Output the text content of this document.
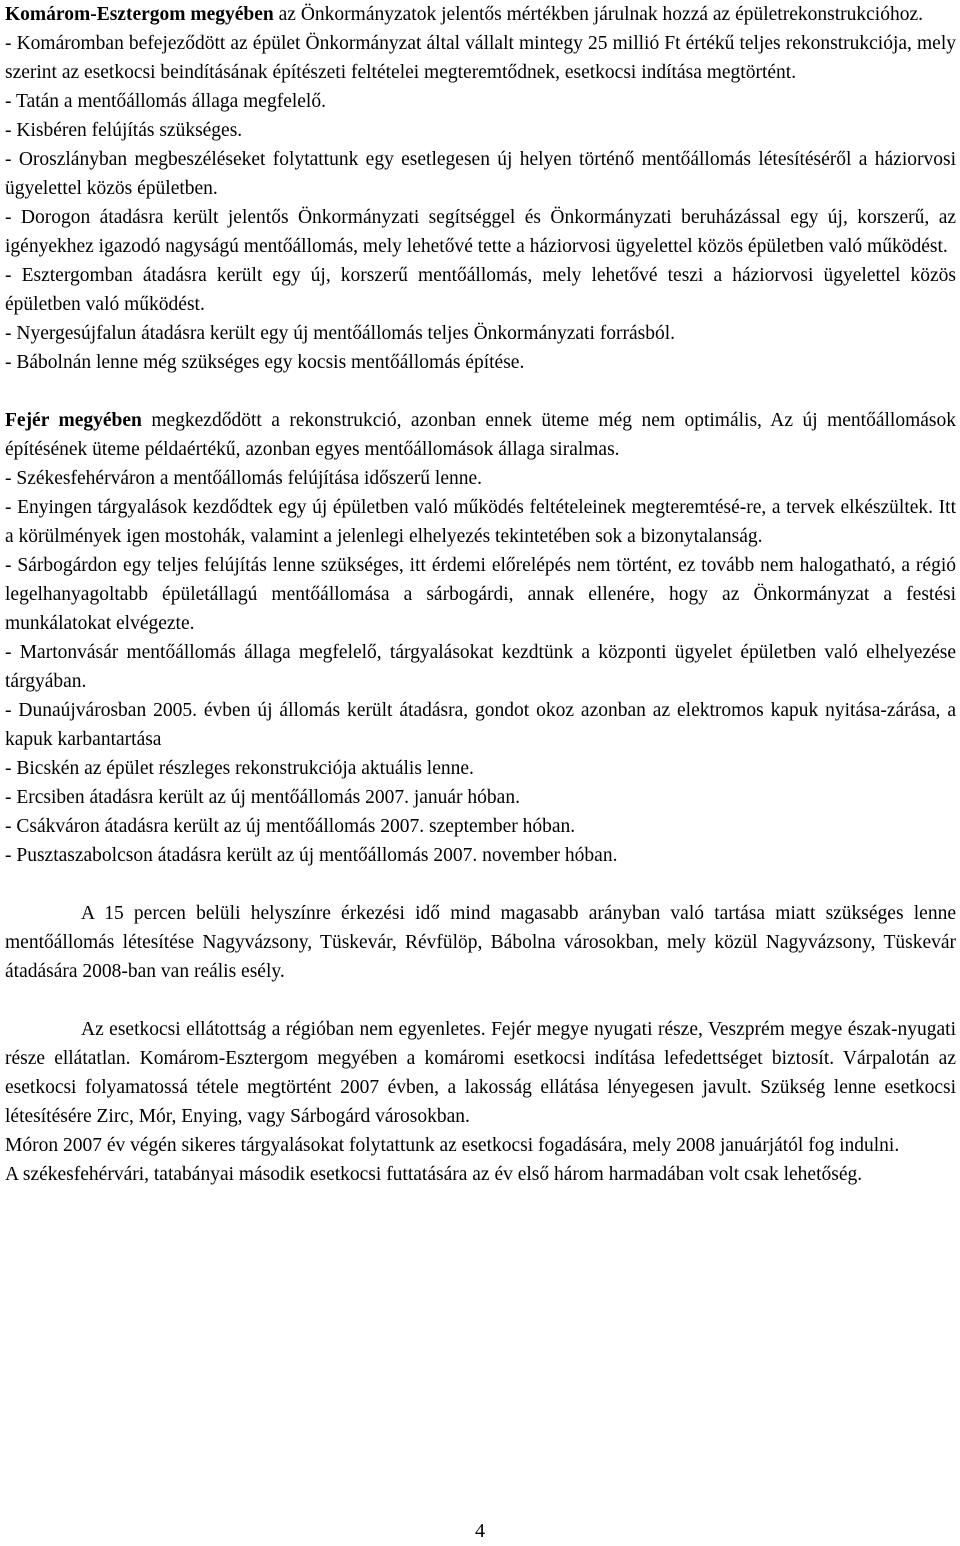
Komárom-Esztergom megyében az Önkormányzatok jelentős mértékben járulnak hozzá az épületrekonstrukcióhoz.

- Komáromban befejeződött az épület Önkormányzat által vállalt mintegy 25 millió Ft értékű teljes rekonstrukciója, mely szerint az esetkocsi beindításának építészeti feltételei megteremtődnek, esetkocsi indítása megtörtént.

- Tatán a mentőállomás állaga megfelelő.

- Kisbéren felújítás szükséges.

- Oroszlányban megbeszéléseket folytattunk egy esetlegesen új helyen történő mentőállomás létesítéséről a háziorvosi ügyelettel közös épületben.

- Dorogon átadásra került jelentős Önkormányzati segítséggel és Önkormányzati beruházással egy új, korszerű, az igényekhez igazodó nagyságú mentőállomás, mely lehetővé tette a háziorvosi ügyelettel közös épületben való működést.

- Esztergomban átadásra került egy új, korszerű mentőállomás, mely lehetővé teszi a háziorvosi ügyelettel közös épületben való működést.

- Nyergesújfalun átadásra került egy új mentőállomás teljes Önkormányzati forrásból.

- Bábolnán lenne még szükséges egy kocsis mentőállomás építése.

Fejér megyében megkezdődött a rekonstrukció, azonban ennek üteme még nem optimális, Az új mentőállomások építésének üteme példaértékű, azonban egyes mentőállomások állaga siralmas.

- Székesfehérváron a mentőállomás felújítása időszerű lenne.

- Enyingen tárgyalások kezdődtek egy új épületben való működés feltételeinek megteremtésé-re, a tervek elkészültek. Itt a körülmények igen mostohák, valamint a jelenlegi elhelyezés tekintetében sok a bizonytalanság.

- Sárbogárdon egy teljes felújítás lenne szükséges, itt érdemi előrelépés nem történt, ez tovább nem halogatható, a régió legelhanyagoltabb épületállagú mentőállomása a sárbogárdi, annak ellenére, hogy az Önkormányzat a festési munkálatokat elvégezte.

- Martonvásár mentőállomás állaga megfelelő, tárgyalásokat kezdtünk a központi ügyelet épületben való elhelyezése tárgyában.

- Dunaújvárosban 2005. évben új állomás került átadásra, gondot okoz azonban az elektromos kapuk nyitása-zárása, a kapuk karbantartása

- Bicskén az épület részleges rekonstrukciója aktuális lenne.

- Ercsiben átadásra került az új mentőállomás 2007. január hóban.

- Csákváron átadásra került az új mentőállomás 2007. szeptember hóban.

- Pusztaszabolcson átadásra került az új mentőállomás 2007. november hóban.

A 15 percen belüli helyszínre érkezési idő mind magasabb arányban való tartása miatt szükséges lenne mentőállomás létesítése Nagyvázsony, Tüskevár, Révfülöp, Bábolna városokban, mely közül Nagyvázsony, Tüskevár átadására 2008-ban van reális esély.

Az esetkocsi ellátottság a régióban nem egyenletes. Fejér megye nyugati része, Veszprém megye észak-nyugati része ellátatlan. Komárom-Esztergom megyében a komáromi esetkocsi indítása lefedettséget biztosít. Várpalotán az esetkocsi folyamatossá tétele megtörtént 2007 évben, a lakosság ellátása lényegesen javult. Szükség lenne esetkocsi létesítésére Zirc, Mór, Enying, vagy Sárbogárd városokban.

Móron 2007 év végén sikeres tárgyalásokat folytattunk az esetkocsi fogadására, mely 2008 januárjától fog indulni.

A székesfehérvári, tatabányai második esetkocsi futtatására az év első három harmadában volt csak lehetőség.

4
